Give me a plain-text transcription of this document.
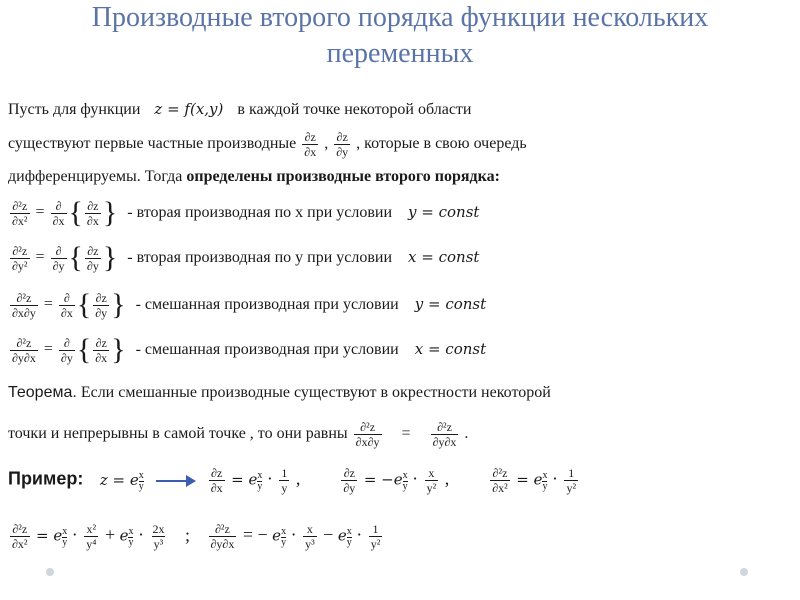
Производные второго порядка функции нескольких
переменных
Пусть для функции z = f(x,y) в каждой точке некоторой области
существуют первые частные производные $\frac{\partial z}{\partial x}$ , $\frac{\partial z}{\partial y}$ , которые в свою очередь
дифференцируемы. Тогда определены производные второго порядка:
$\frac{\text{∂²z}}{\text{∂x²}} = \frac{\partial}{\partial x}$ { $\frac{\partial z}{\partial x}$ } - вторая производная по x при условии y = const
$\frac{\text{∂²z}}{\text{∂y²}} = \frac{\partial}{\partial y}$ { $\frac{\partial z}{\partial y}$ } - вторая производная по y при условии x = const
$\frac{\text{∂²z}}{\partial x\partial y} = \frac{\partial}{\partial x}$ { $\frac{\partial z}{\partial y}$ } - смешанная производная при условии y = const
$\frac{\text{∂²z}}{\partial y\partial x} = \frac{\partial}{\partial y}$ { $\frac{\partial z}{\partial x}$ } - смешанная производная при условии x = const
Теорема. Если смешанные производные существуют в окрестности некоторой
точки и непрерывны в самой точке , то они равны $\frac{\text{∂²z}}{\partial x\partial y} = \frac{\text{∂²z}}{\partial y\partial x}$ .
Пример: z = e $\frac{x}{y}$
	$\frac{\partial z}{\partial x} = e \frac{x}{y} \cdot \frac{1}{y}$ ,	$\frac{\partial z}{\partial y} = -e \frac{x}{y} \cdot \frac{x}{\text{y²}}$ ,	$\frac{\text{∂²z}}{\text{∂x²}} = e \frac{x}{y} \cdot \frac{1}{\text{y²}}$
$\frac{\text{∂²z}}{\text{∂x²}} = e \frac{x}{y} \cdot \frac{\text{x²}}{\text{y⁴}} + e \frac{x}{y} \cdot \frac{2x}{\text{y³}}$ ; $\frac{\text{∂²z}}{\partial y\partial x}$ = − e $\frac{x}{y} \cdot \frac{x}{\text{y³}} - e \frac{x}{y} \cdot \frac{1}{\text{y²}}$
